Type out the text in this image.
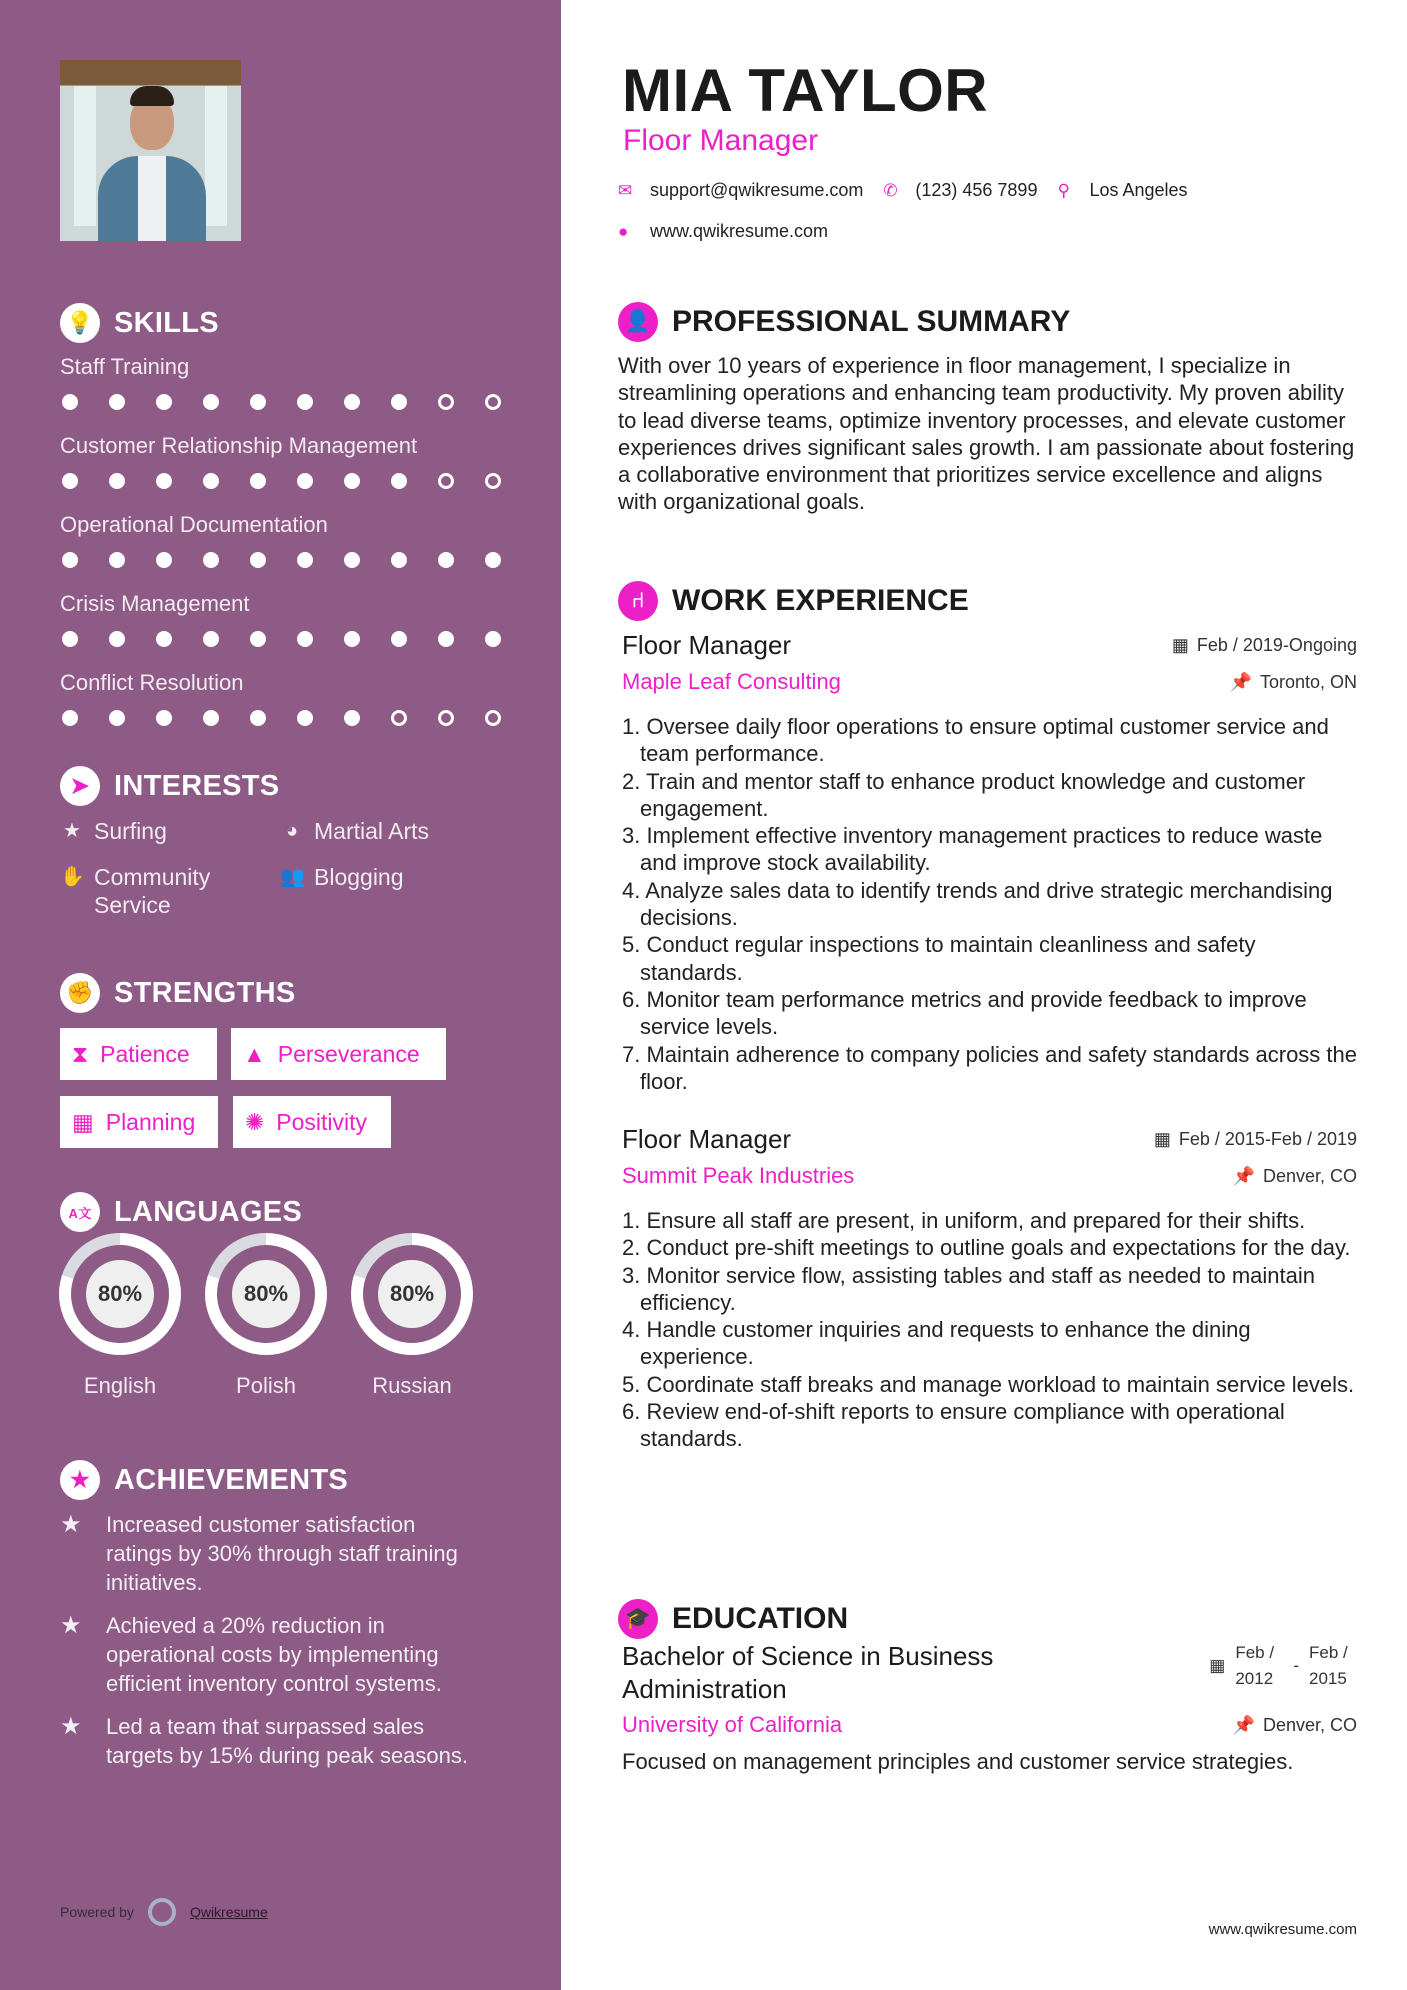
💡 SKILLS
Staff Training
Customer Relationship Management
Operational Documentation
Crisis Management
Conflict Resolution
➤ INTERESTS
★ Surfing	◕ Martial Arts
✋ Community Service
👥 Blogging
✊ STRENGTHS
⧗ Patience ▲ Perseverance
▦ Planning ✺ Positivity
A文 LANGUAGES
80%
English
80%
Polish
80%
Russian
★ ACHIEVEMENTS
★	Increased customer satisfaction ratings by 30% through staff training initiatives.
★	Achieved a 20% reduction in operational costs by implementing efficient inventory control systems.
★	Led a team that surpassed sales targets by 15% during peak seasons.
Powered by	Qwikresume
MIA TAYLOR
Floor Manager
✉ support@qwikresume.com ✆ (123) 456 7899 ⚲	Los Angeles
●	www.qwikresume.com
👤 PROFESSIONAL SUMMARY
With over 10 years of experience in floor management, I specialize in streamlining operations and enhancing team productivity. My proven ability to lead diverse teams, optimize inventory processes, and elevate customer experiences drives significant sales growth. I am passionate about fostering a collaborative environment that prioritizes service excellence and aligns with organizational goals.
⑁ WORK EXPERIENCE
Floor Manager	▦ Feb / 2019-Ongoing
Maple Leaf Consulting	📌 Toronto, ON
Oversee daily floor operations to ensure optimal customer service and team performance.
Train and mentor staff to enhance product knowledge and customer engagement.
Implement effective inventory management practices to reduce waste and improve stock availability.
Analyze sales data to identify trends and drive strategic merchandising decisions.
Conduct regular inspections to maintain cleanliness and safety standards.
Monitor team performance metrics and provide feedback to improve service levels.
Maintain adherence to company policies and safety standards across the floor.
Floor Manager	▦ Feb / 2015-Feb / 2019
Summit Peak Industries	📌 Denver, CO
Ensure all staff are present, in uniform, and prepared for their shifts.
Conduct pre-shift meetings to outline goals and expectations for the day.
Monitor service flow, assisting tables and staff as needed to maintain efficiency.
Handle customer inquiries and requests to enhance the dining experience.
Coordinate staff breaks and manage workload to maintain service levels.
Review end-of-shift reports to ensure compliance with operational standards.
🎓 EDUCATION
Bachelor of Science in Business Administration
▦
Feb / 2012
-
Feb / 2015
University of California	📌 Denver, CO
Focused on management principles and customer service strategies.
www.qwikresume.com
